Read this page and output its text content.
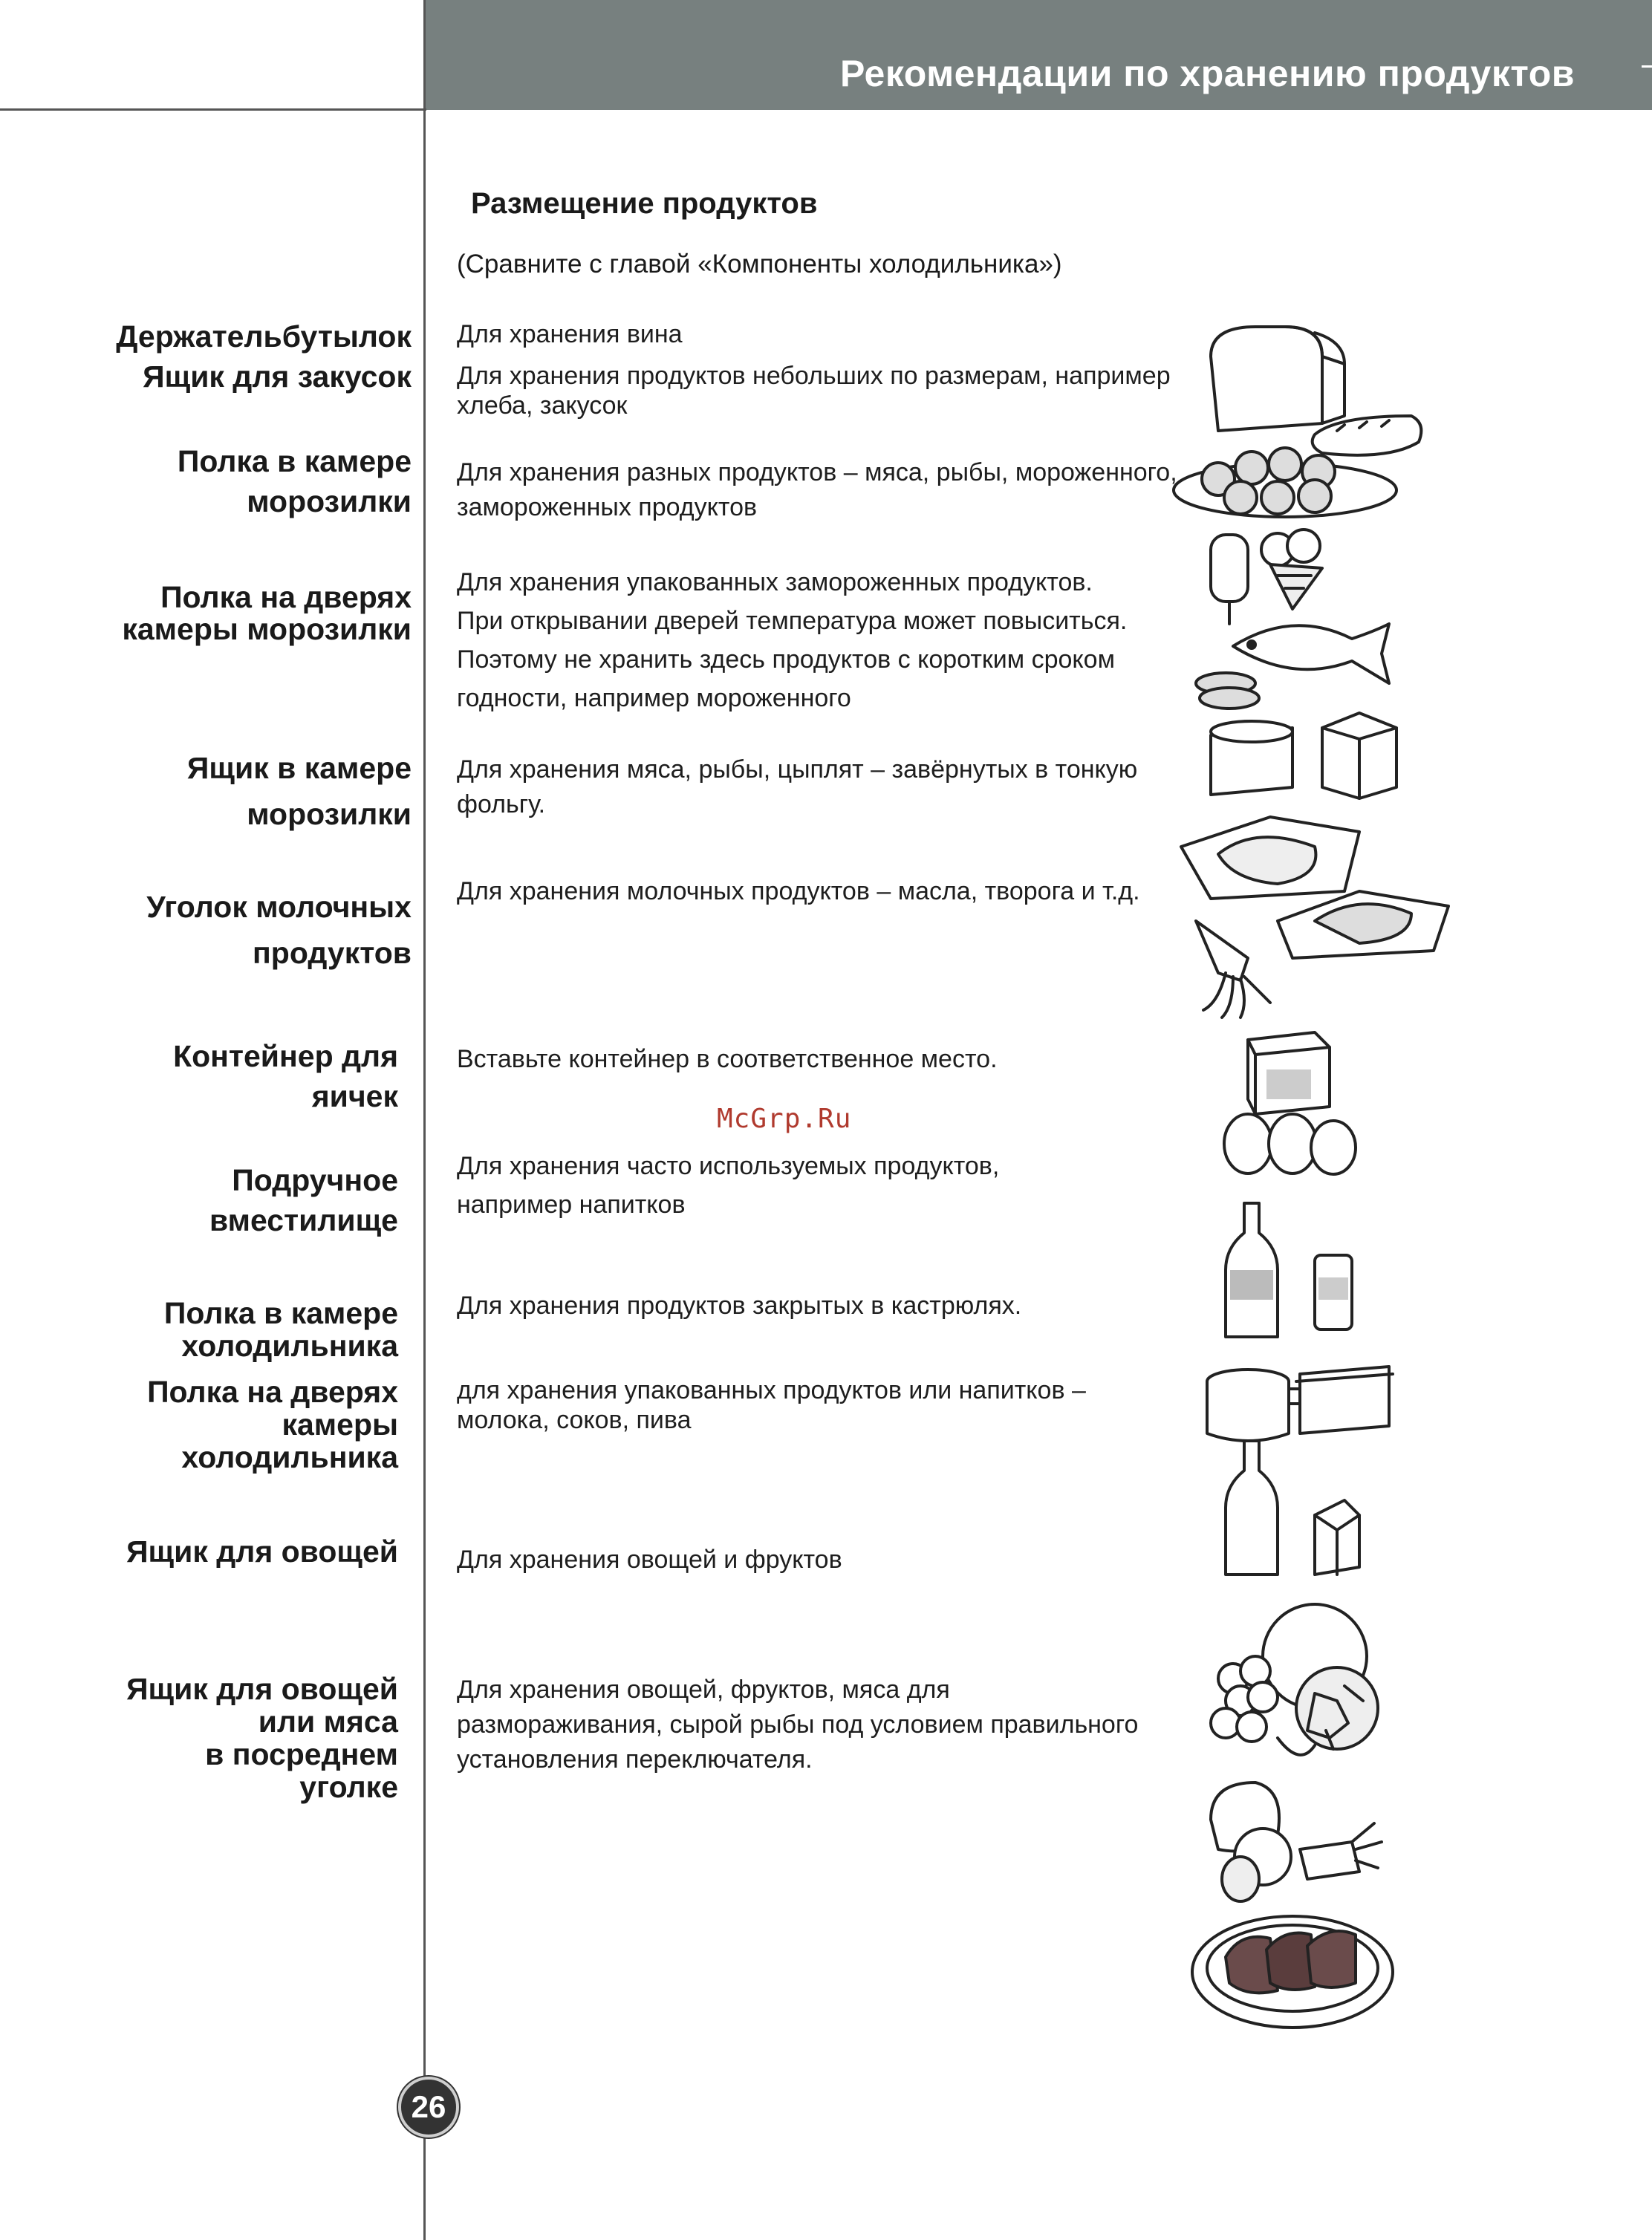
Рекомендации по хранению продуктов
Размещение продуктов
(Сравните с главой «Компоненты холодильника»)
Держательбутылок
Ящик для закусок
Полка в камере
морозилки
Полка на дверях
камеры морозилки
Ящик в камере
морозилки
Уголок молочных
продуктов
Контейнер для
яичек
Подручное
вместилище
Полка в камере
холодильника
Полка на дверях
камеры
холодильника
Ящик для овощей
Ящик для овощей
или мяса
в посреднем
уголке
Для хранения вина
Для хранения продуктов небольших по размерам, например
хлеба, закусок
Для хранения разных продуктов – мяса, рыбы, мороженного,
замороженных продуктов
Для хранения упакованных замороженных продуктов.
При открывании дверей температура может повыситься.
Поэтому не хранить здесь продуктов с коротким сроком
годности, например мороженного
Для хранения мяса, рыбы, цыплят – завёрнутых в тонкую
фольгу.
Для хранения молочных продуктов – масла, творога и т.д.
Вставьте контейнер в соответственное место.
Для хранения часто используемых продуктов,
например напитков
Для хранения продуктов закрытых в кастрюлях.
для хранения упакованных продуктов или напитков –
молока, соков, пива
Для хранения овощей и фруктов
Для хранения овощей, фруктов, мяса для
размораживания, сырой рыбы под условием правильного
установления переключателя.
McGrp.Ru
26
